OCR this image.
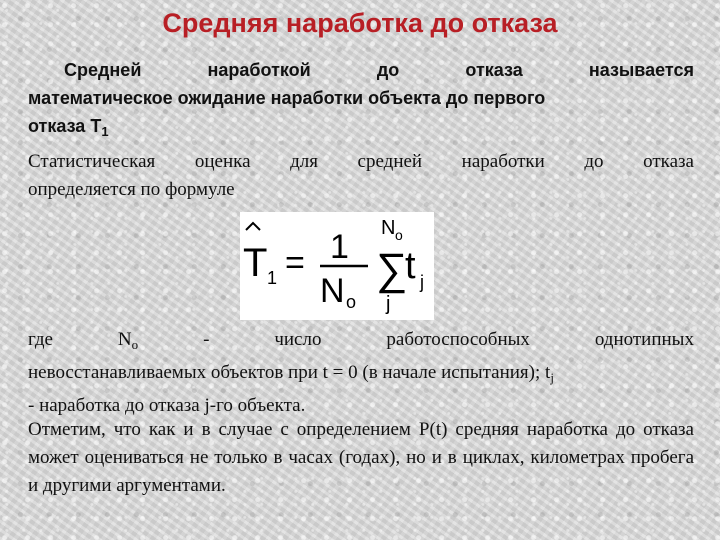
Средняя наработка до отказа
Средней	наработкой	до	отказа	называется
математическое ожидание наработки объекта до первого
отказа $T_1$
Статистическая оценка для средней наработки до отказа
определяется по формуле
T 1 = 1
N o
N o
∑
j
t j
где	$N_o$	-	число	работоспособных	однотипных
невосстанавливаемых объектов при t = 0 (в начале испытания); $t_j$
- наработка до отказа j-го объекта.
Отметим, что как и в случае с определением P(t) средняя наработка до отказа может оцениваться не только в часах (годах), но и в циклах, километрах пробега и другими аргументами.
